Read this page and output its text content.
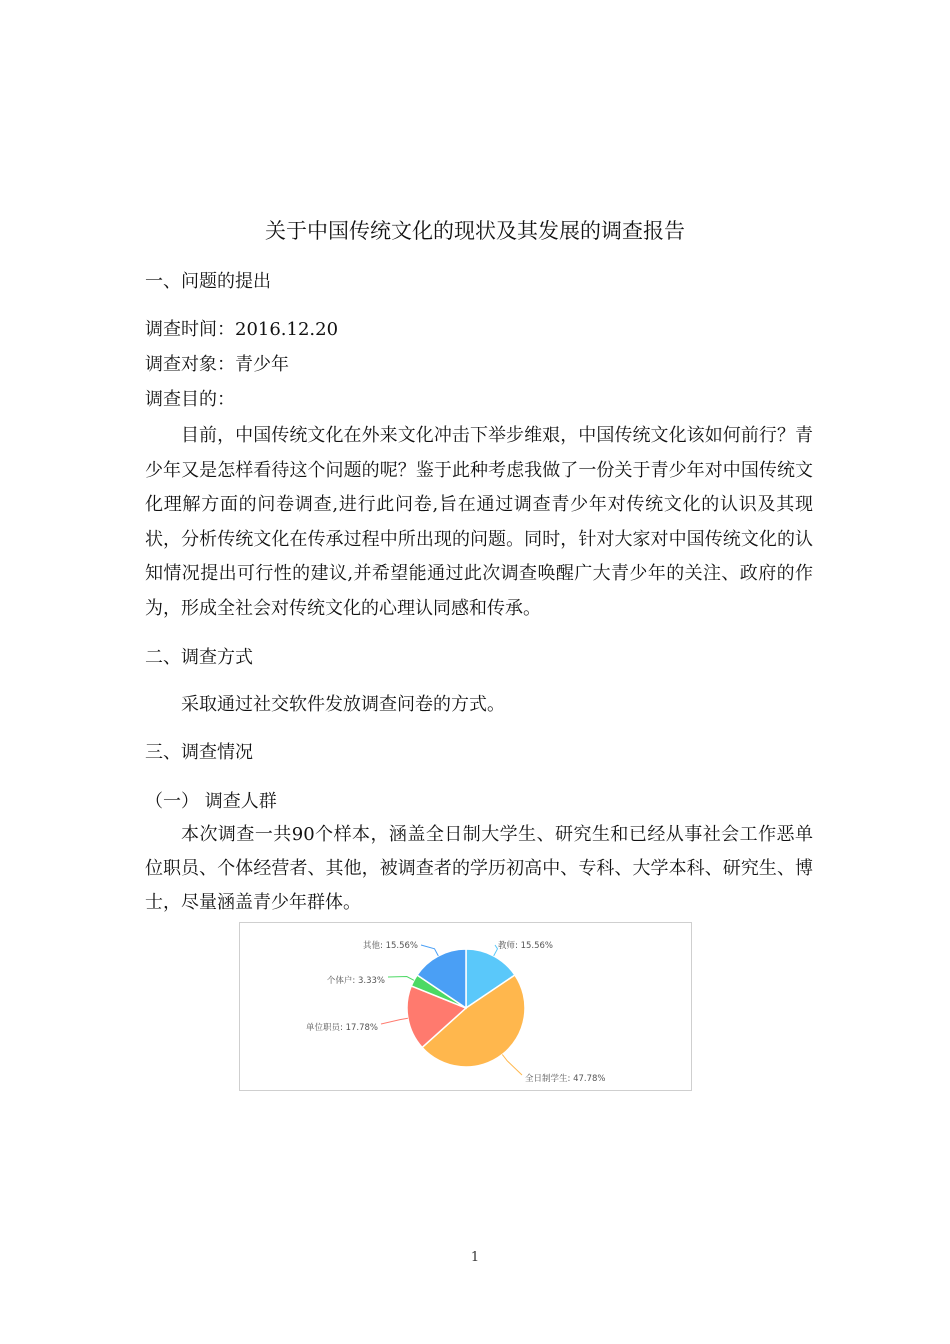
关于中国传统文化的现状及其发展的调查报告
一、问题的提出
调查时间：2016.12.20
调查对象：青少年
调查目的：
目前，中国传统文化在外来文化冲击下举步维艰，中国传统文化该如何前行？青少年又是怎样看待这个问题的呢？鉴于此种考虑我做了一份关于青少年对中国传统文化理解方面的问卷调查,进行此问卷,旨在通过调查青少年对传统文化的认识及其现状，分析传统文化在传承过程中所出现的问题。同时，针对大家对中国传统文化的认知情况提出可行性的建议,并希望能通过此次调查唤醒广大青少年的关注、政府的作为，形成全社会对传统文化的心理认同感和传承。
二、调查方式
采取通过社交软件发放调查问卷的方式。
三、调查情况
（一） 调查人群
本次调查一共90个样本，涵盖全日制大学生、研究生和已经从事社会工作恶单位职员、个体经营者、其他，被调查者的学历初高中、专科、大学本科、研究生、博士，尽量涵盖青少年群体。
教师: 15.56%
全日制学生: 47.78%
单位职员: 17.78%
个体户: 3.33%
其他: 15.56%
1
